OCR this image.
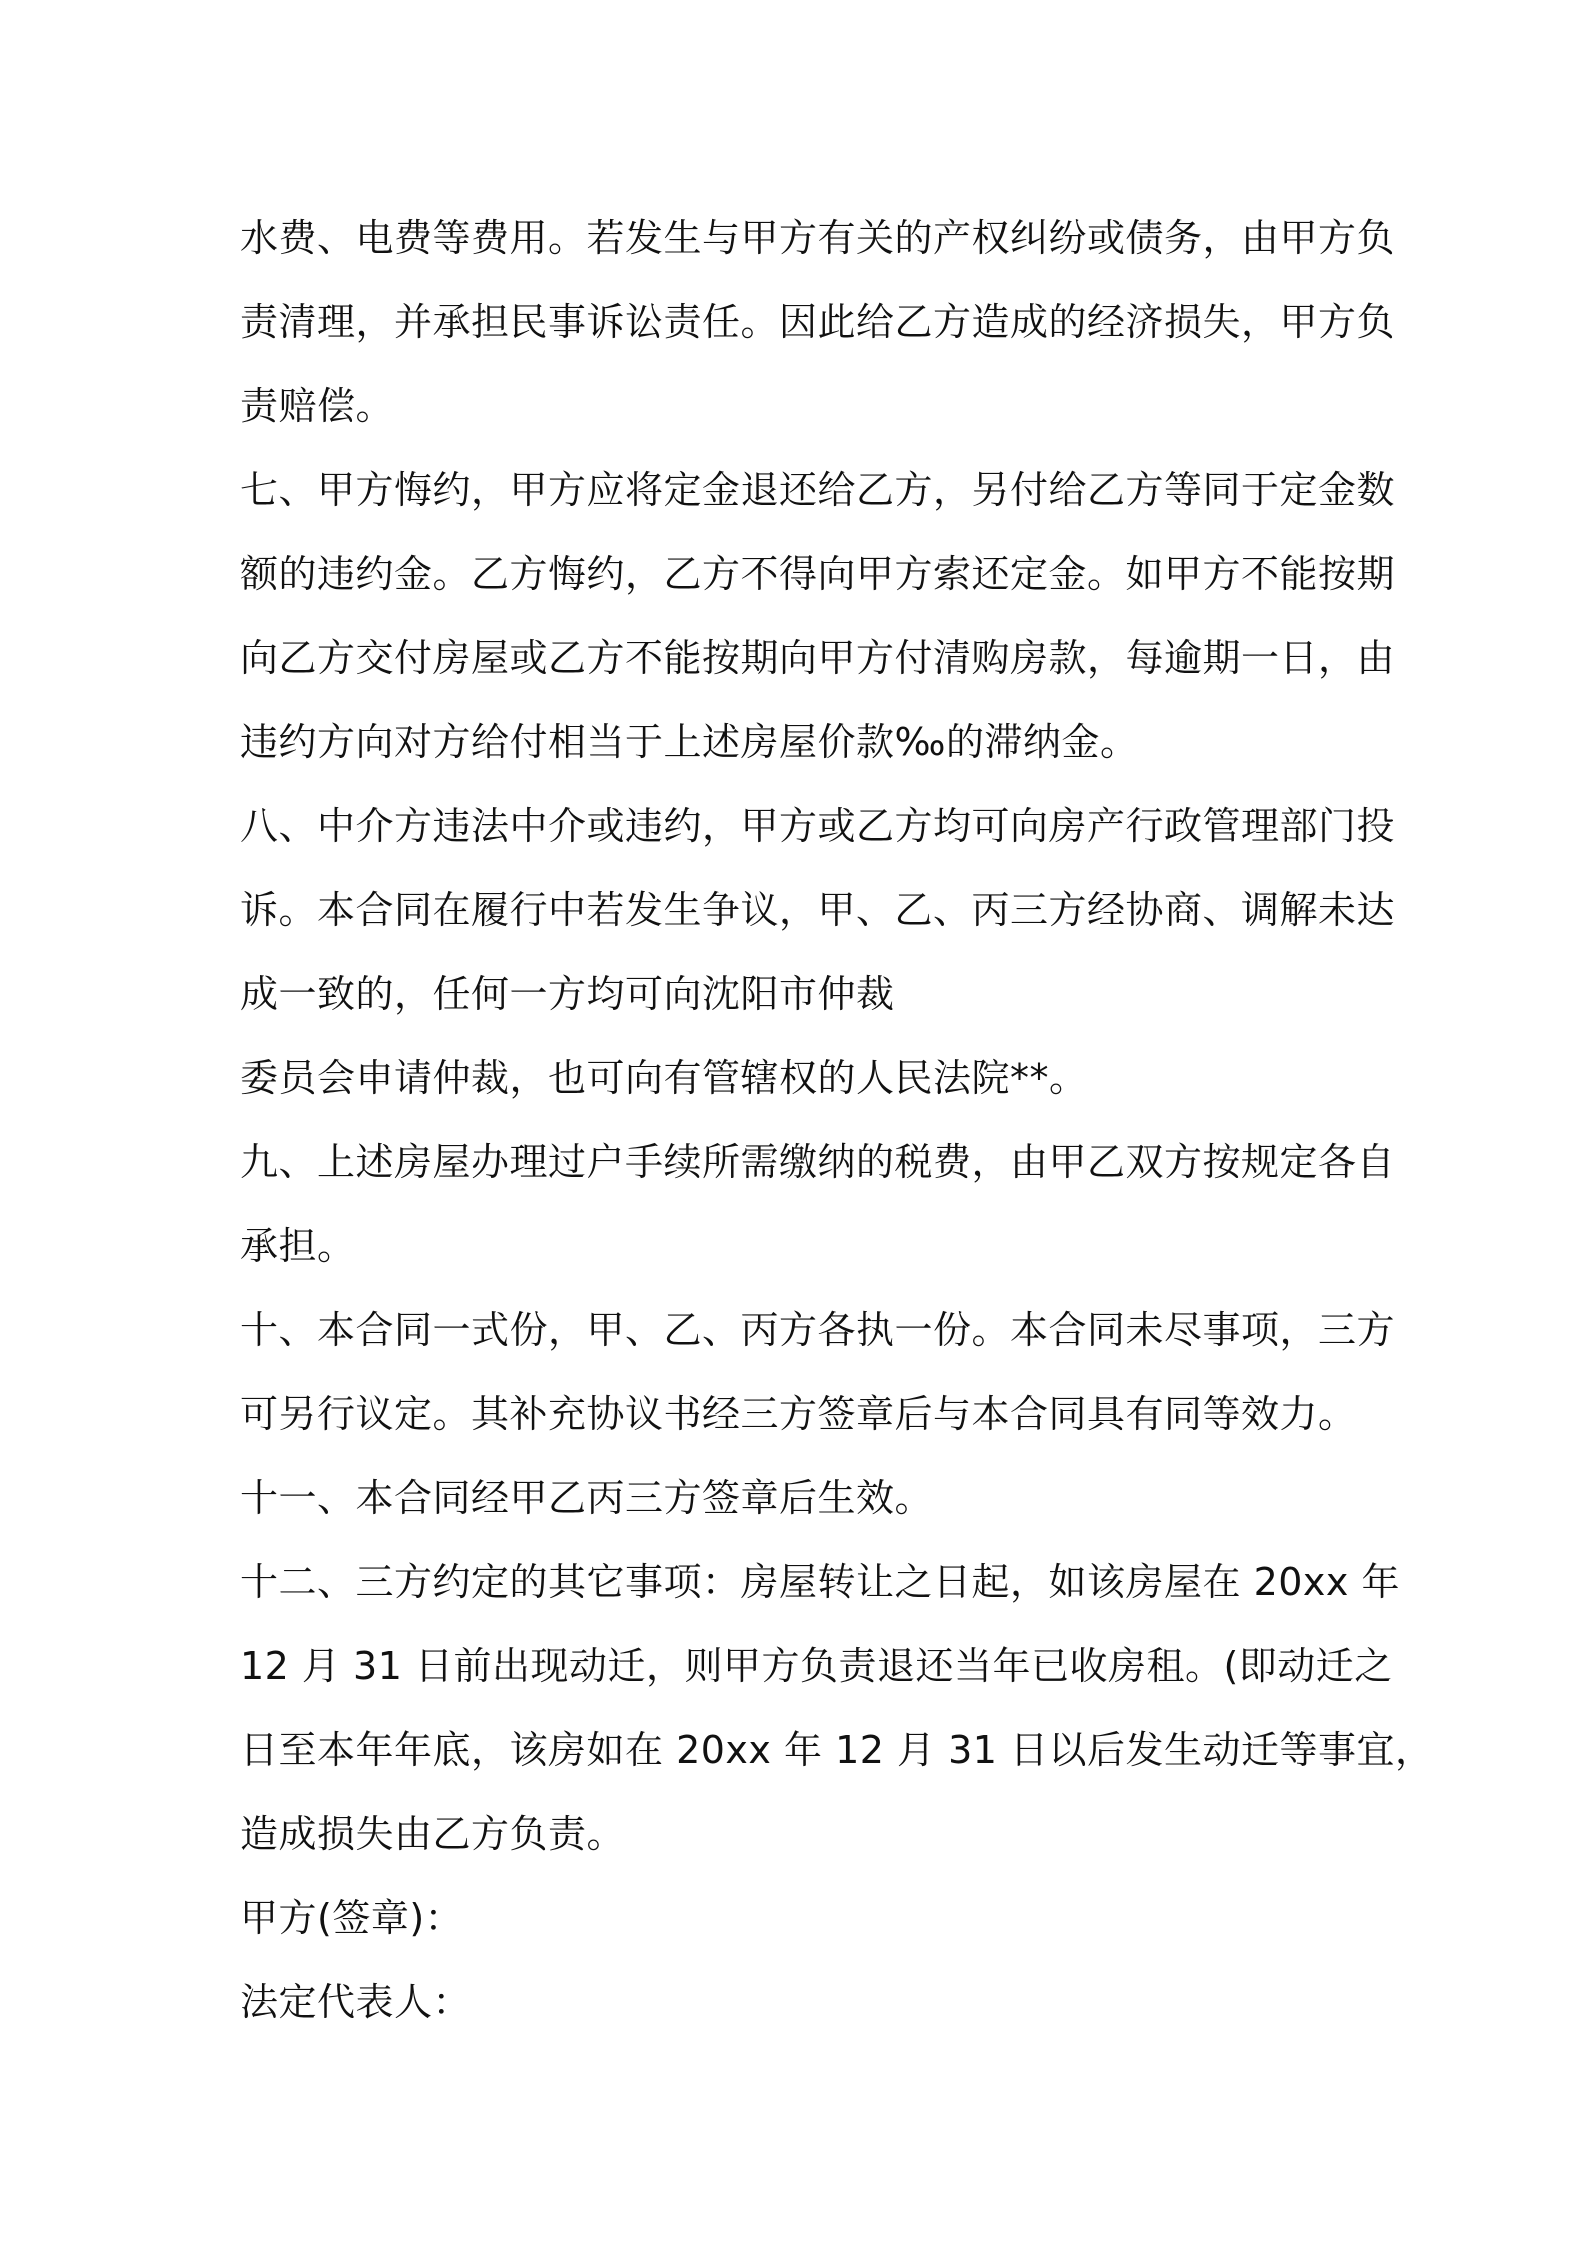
水费、电费等费用。若发生与甲方有关的产权纠纷或债务，由甲方负
责清理，并承担民事诉讼责任。因此给乙方造成的经济损失，甲方负
责赔偿。
七、甲方悔约，甲方应将定金退还给乙方，另付给乙方等同于定金数
额的违约金。乙方悔约，乙方不得向甲方索还定金。如甲方不能按期
向乙方交付房屋或乙方不能按期向甲方付清购房款，每逾期一日，由
违约方向对方给付相当于上述房屋价款‰的滞纳金。
八、中介方违法中介或违约，甲方或乙方均可向房产行政管理部门投
诉。本合同在履行中若发生争议，甲、乙、丙三方经协商、调解未达
成一致的，任何一方均可向沈阳市仲裁
委员会申请仲裁，也可向有管辖权的人民法院**。
九、上述房屋办理过户手续所需缴纳的税费，由甲乙双方按规定各自
承担。
十、本合同一式份，甲、乙、丙方各执一份。本合同未尽事项，三方
可另行议定。其补充协议书经三方签章后与本合同具有同等效力。
十一、本合同经甲乙丙三方签章后生效。
十二、三方约定的其它事项：房屋转让之日起，如该房屋在 20xx 年
12 月 31 日前出现动迁，则甲方负责退还当年已收房租。(即动迁之
日至本年年底，该房如在 20xx 年 12 月 31 日以后发生动迁等事宜，
造成损失由乙方负责。
甲方(签章)：
法定代表人：
